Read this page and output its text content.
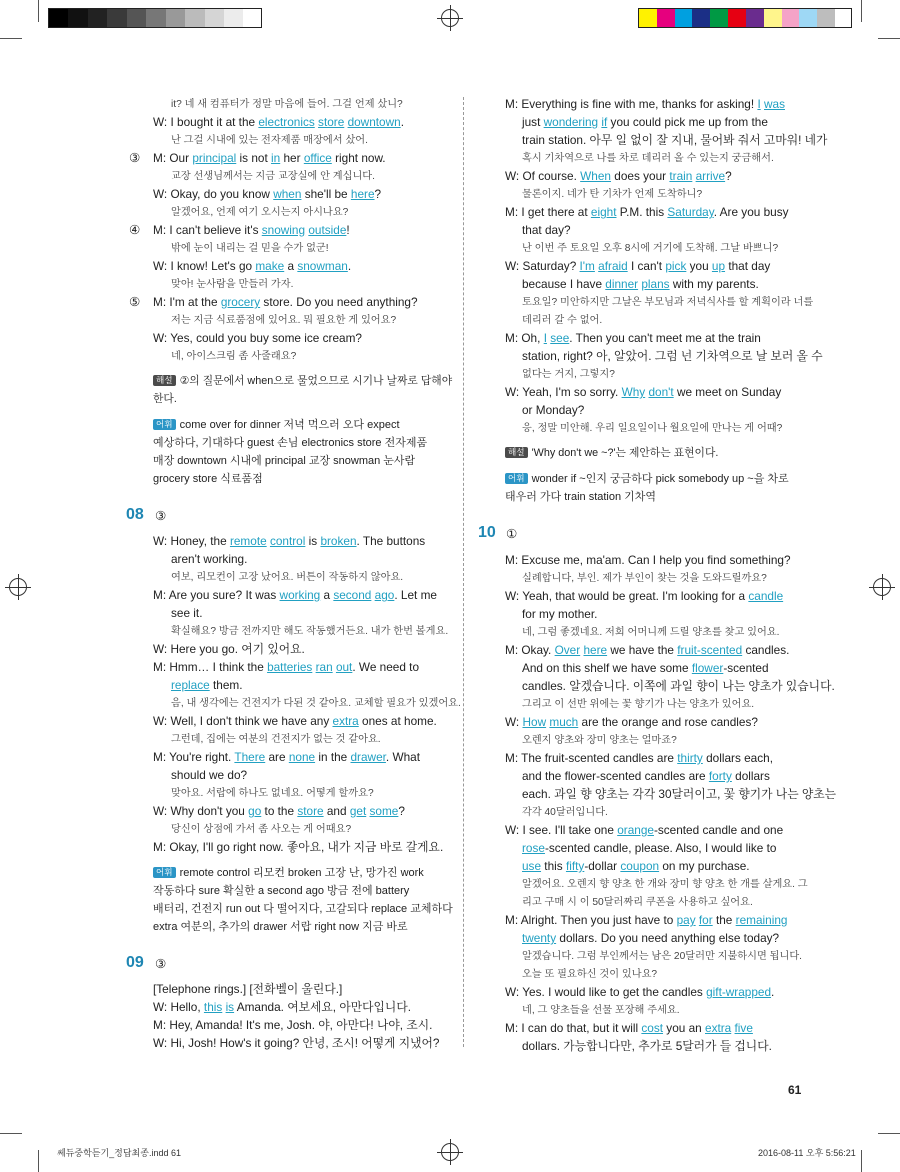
it? 네 새 컴퓨터가 정말 마음에 들어. 그걸 언제 샀니?
W: I bought it at the electronics store downtown.
난 그걸 시내에 있는 전자제품 매장에서 샀어.
③ M: Our principal is not in her office right now.
교장 선생님께서는 지금 교장실에 안 계십니다.
W: Okay, do you know when she'll be here?
알겠어요, 언제 여기 오시는지 아시나요?
④ M: I can't believe it's snowing outside!
밖에 눈이 내리는 걸 믿을 수가 없군!
W: I know! Let's go make a snowman.
맞아! 눈사람을 만들러 가자.
⑤ M: I'm at the grocery store. Do you need anything?
저는 지금 식료품점에 있어요. 뭐 필요한 게 있어요?
W: Yes, could you buy some ice cream?
네, 아이스크림 좀 사줄래요?
해설 ②의 질문에서 when으로 물었으므로 시기나 날짜로 답해야
한다.
어휘 come over for dinner 저녁 먹으러 오다 expect
예상하다, 기대하다 guest 손님 electronics store 전자제품
매장 downtown 시내에 principal 교장 snowman 눈사람
grocery store 식료품점
08 ③
W: Honey, the remote control is broken. The buttons
aren't working.
여보, 리모컨이 고장 났어요. 버튼이 작동하지 않아요.
M: Are you sure? It was working a second ago. Let me
see it.
확실해요? 방금 전까지만 해도 작동했거든요. 내가 한번 볼게요.
W: Here you go. 여기 있어요.
M: Hmm… I think the batteries ran out. We need to
replace them.
음, 내 생각에는 건전지가 다된 것 같아요. 교체할 필요가 있겠어요.
W: Well, I don't think we have any extra ones at home.
그런데, 집에는 여분의 건전지가 없는 것 같아요.
M: You're right. There are none in the drawer. What
should we do?
맞아요. 서랍에 하나도 없네요. 어떻게 할까요?
W: Why don't you go to the store and get some?
당신이 상점에 가서 좀 사오는 게 어때요?
M: Okay, I'll go right now. 좋아요, 내가 지금 바로 갈게요.
어휘 remote control 리모컨 broken 고장 난, 망가진 work
작동하다 sure 확실한 a second ago 방금 전에 battery
배터리, 건전지 run out 다 떨어지다, 고갈되다 replace 교체하다
extra 여분의, 추가의 drawer 서랍 right now 지금 바로
09 ③
[Telephone rings.] [전화벨이 울린다.]
W: Hello, this is Amanda. 여보세요, 아만다입니다.
M: Hey, Amanda! It's me, Josh. 야, 아만다! 나야, 조시.
W: Hi, Josh! How's it going? 안녕, 조시! 어떻게 지냈어?
M: Everything is fine with me, thanks for asking! I was
just wondering if you could pick me up from the
train station. 아무 일 없이 잘 지내, 물어봐 줘서 고마워! 네가
혹시 기차역으로 나를 차로 데리러 올 수 있는지 궁금해서.
W: Of course. When does your train arrive?
물론이지. 네가 탄 기차가 언제 도착하니?
M: I get there at eight P.M. this Saturday. Are you busy
that day?
난 이번 주 토요일 오후 8시에 거기에 도착해. 그날 바쁘니?
W: Saturday? I'm afraid I can't pick you up that day
because I have dinner plans with my parents.
토요일? 미안하지만 그날은 부모님과 저녁식사를 할 계획이라 너를
데리러 갈 수 없어.
M: Oh, I see. Then you can't meet me at the train
station, right? 아, 알았어. 그럼 넌 기차역으로 날 보러 올 수
없다는 거지, 그렇지?
W: Yeah, I'm so sorry. Why don't we meet on Sunday
or Monday?
응, 정말 미안해. 우리 일요일이나 월요일에 만나는 게 어때?
해설 'Why don't we ~?'는 제안하는 표현이다.
어휘 wonder if ~인지 궁금하다 pick somebody up ~을 차로
태우러 가다 train station 기차역
10 ①
M: Excuse me, ma'am. Can I help you find something?
실례합니다, 부인. 제가 부인이 찾는 것을 도와드릴까요?
W: Yeah, that would be great. I'm looking for a candle
for my mother.
네, 그럼 좋겠네요. 저희 어머니께 드릴 양초를 찾고 있어요.
M: Okay. Over here we have the fruit-scented candles.
And on this shelf we have some flower-scented
candles. 알겠습니다. 이쪽에 과일 향이 나는 양초가 있습니다.
그리고 이 선반 위에는 꽃 향기가 나는 양초가 있어요.
W: How much are the orange and rose candles?
오렌지 양초와 장미 양초는 얼마죠?
M: The fruit-scented candles are thirty dollars each,
and the flower-scented candles are forty dollars
each. 과일 향 양초는 각각 30달러이고, 꽃 향기가 나는 양초는
각각 40달러입니다.
W: I see. I'll take one orange-scented candle and one
rose-scented candle, please. Also, I would like to
use this fifty-dollar coupon on my purchase.
알겠어요. 오렌지 향 양초 한 개와 장미 향 양초 한 개를 살게요. 그
리고 구매 시 이 50달러짜리 쿠폰을 사용하고 싶어요.
M: Alright. Then you just have to pay for the remaining
twenty dollars. Do you need anything else today?
알겠습니다. 그럼 부인께서는 남은 20달러만 지불하시면 됩니다.
오늘 또 필요하신 것이 있나요?
W: Yes. I would like to get the candles gift-wrapped.
네, 그 양초들을 선물 포장해 주세요.
M: I can do that, but it will cost you an extra five
dollars. 가능합니다만, 추가로 5달러가 들 겁니다.
61
쎄듀중학듣기_정답최종.indd 61	2016-08-11 오후 5:56:21
